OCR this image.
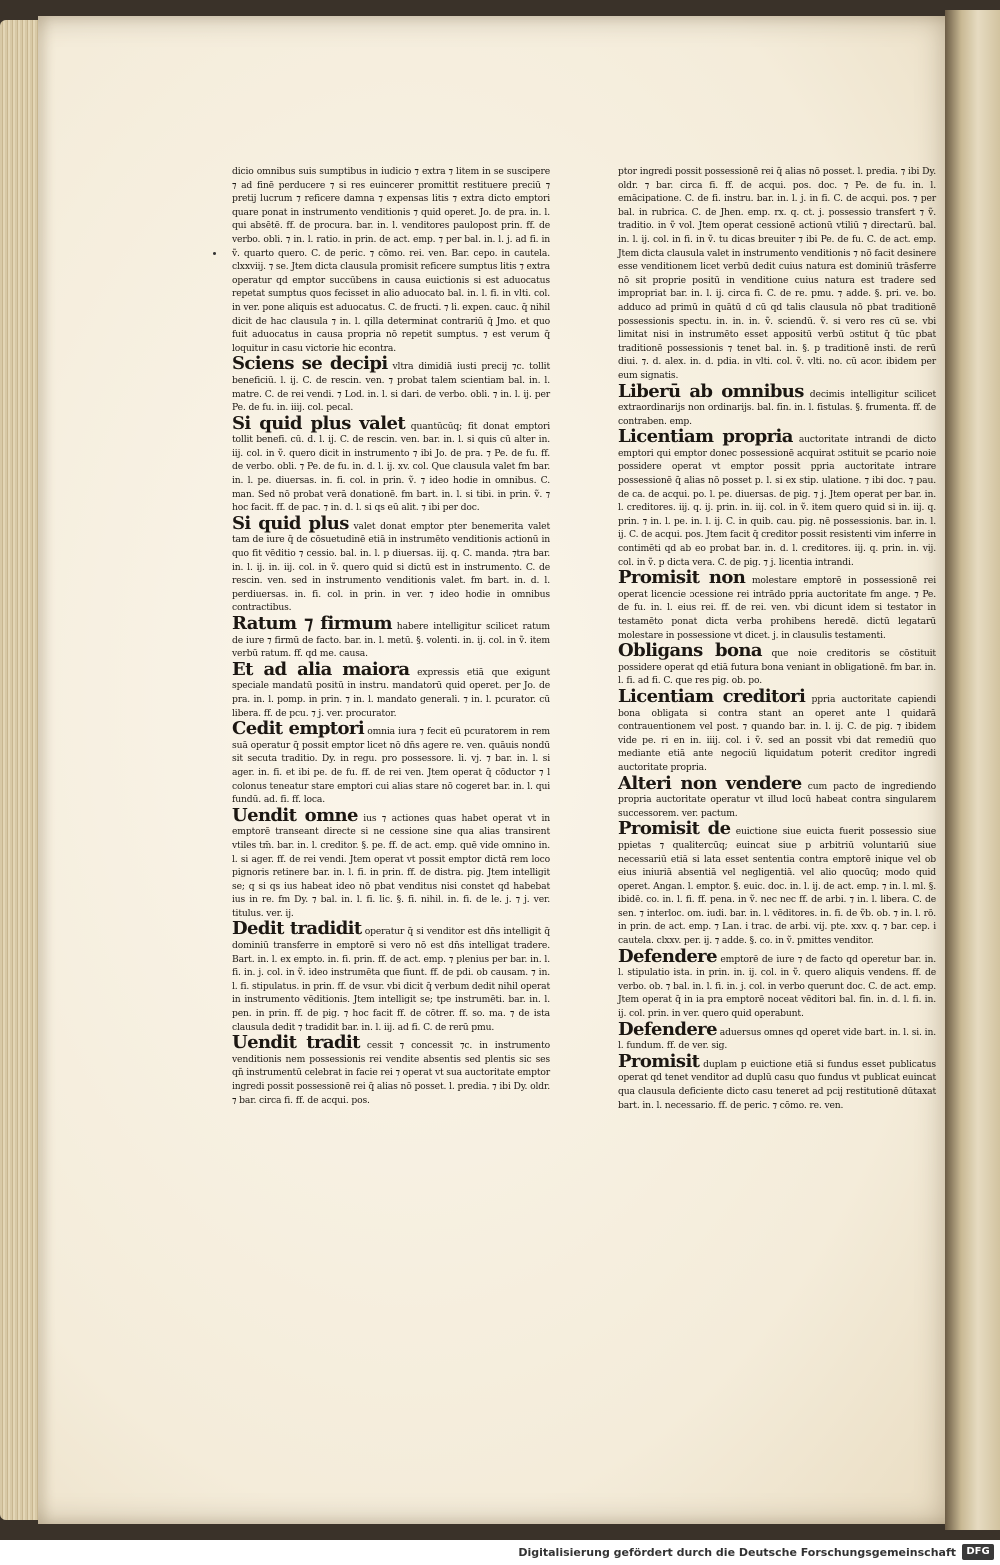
dicio omnibus suis sumptibus in iudicio ⁊ extra ⁊ litem in se suscipere ⁊ ad finē perducere ⁊ si res euincerer promittit restituere preciū ⁊ pretij lucrum ⁊ reficere damna ⁊ expensas litis ⁊ extra dicto emptori quare ponat in instrumento venditionis ⁊ quid operet. Jo. de pra. in. l. qui absētē. ff. de procura. bar. in. l. venditores paulopost prin. ff. de verbo. obli. ⁊ in. l. ratio. in prin. de act. emp. ⁊ per bal. in. l. j. ad fi. in ṽ. quarto quero. C. de peric. ⁊ cōmo. rei. ven. Bar. cepo. in cautela. clxxviij. ⁊ se. Jtem dicta clausula promisit reficere sumptus litis ⁊ extra operatur qd emptor succūbens in causa euictionis si est aduocatus repetat sumptus quos fecisset in alio aduocato bal. in. l. fi. in vlti. col. in ver. pone aliquis est aduocatus. C. de fructi. ⁊ li. expen. cauc. q̄ nihil dicit de hac clausula ⁊ in. l. qilla determinat contrariū q̄ Jmo. et quo fuit aduocatus in causa propria nō repetit sumptus. ⁊ est verum q̄ loquitur in casu victorie hic econtra.

Sciens se decipi vltra dimidiā iusti precij ⁊c. tollit beneficiū. l. ij. C. de rescin. ven. ⁊ probat talem scientiam bal. in. l. matre. C. de rei vendi. ⁊ Lod. in. l. si dari. de verbo. obli. ⁊ in. l. ij. per Pe. de fu. in. iiij. col. pecal.

Si quid plus valet quantūcūq; fit donat emptori tollit benefi. cū. d. l. ij. C. de rescin. ven. bar. in. l. si quis cū alter in. iij. col. in ṽ. quero dicit in instrumento ⁊ ibi Jo. de pra. ⁊ Pe. de fu. ff. de verbo. obli. ⁊ Pe. de fu. in. d. l. ij. xv. col. Que clausula valet fm bar. in. l. pe. diuersas. in. fi. col. in prin. ṽ. ⁊ ideo hodie in omnibus. C. man. Sed nō probat verā donationē. fm bart. in. l. si tibi. in prin. ṽ. ⁊ hoc facit. ff. de pac. ⁊ in. d. l. si qs eū alit. ⁊ ibi per doc.

Si quid plus valet donat emptor pter benemerita valet tam de iure q̄ de cōsuetudinē etiā in instrumēto venditionis actionū in quo fit vēditio ⁊ cessio. bal. in. l. p diuersas. iij. q. C. manda. ⁊tra bar. in. l. ij. in. iij. col. in ṽ. quero quid si dictū est in instrumento. C. de rescin. ven. sed in instrumento venditionis valet. fm bart. in. d. l. perdiuersas. in. fi. col. in prin. in ver. ⁊ ideo hodie in omnibus contractibus.

Ratum ⁊ firmum habere intelligitur scilicet ratum de iure ⁊ firmū de facto. bar. in. l. metū. §. volenti. in. ij. col. in ṽ. item verbū ratum. ff. qd me. causa.

Et ad alia maiora expressis etiā que exigunt speciale mandatū positū in instru. mandatorū quid operet. per Jo. de pra. in. l. pomp. in prin. ⁊ in. l. mandato generali. ⁊ in. l. pcurator. cū libera. ff. de pcu. ⁊ j. ver. procurator.

Cedit emptori omnia iura ⁊ fecit eū pcuratorem in rem suā operatur q̄ possit emptor licet nō dn̄s agere re. ven. quāuis nondū sit secuta traditio. Dy. in regu. pro possessore. li. vj. ⁊ bar. in. l. si ager. in. fi. et ibi pe. de fu. ff. de rei ven. Jtem operat q̄ cōductor ⁊ l colonus teneatur stare emptori cui alias stare nō cogeret bar. in. l. qui fundū. ad. fi. ff. loca.

Uendit omne ius ⁊ actiones quas habet operat vt in emptorē transeant directe si ne cessione sine qua alias transirent vtiles tm̄. bar. in. l. creditor. §. pe. ff. de act. emp. quē vide omnino in. l. si ager. ff. de rei vendi. Jtem operat vt possit emptor dictā rem loco pignoris retinere bar. in. l. fi. in prin. ff. de distra. pig. Jtem intelligit se; q si qs ius habeat ideo nō pbat venditus nisi constet qd habebat ius in re. fm Dy. ⁊ bal. in. l. fi. lic. §. fi. nihil. in. fi. de le. j. ⁊ j. ver. titulus. ver. ij.

Dedit tradidit operatur q̄ si venditor est dn̄s intelligit q̄ dominiū transferre in emptorē si vero nō est dn̄s intelligat tradere. Bart. in. l. ex empto. in. fi. prin. ff. de act. emp. ⁊ plenius per bar. in. l. fi. in. j. col. in ṽ. ideo instrumēta que fiunt. ff. de pdi. ob causam. ⁊ in. l. fi. stipulatus. in prin. ff. de vsur. vbi dicit q̄ verbum dedit nihil operat in instrumento vēditionis. Jtem intelligit se; tpe instrumēti. bar. in. l. pen. in prin. ff. de pig. ⁊ hoc facit ff. de cōtrer. ff. so. ma. ⁊ de ista clausula dedit ⁊ tradidit bar. in. l. iij. ad fi. C. de rerū pmu.

Uendit tradit cessit ⁊ concessit ⁊c. in instrumento venditionis nem possessionis rei vendite absentis sed plentis sic ses qn̄ instrumentū celebrat in facie rei ⁊ operat vt sua auctoritate emptor ingredi possit possessionē rei q̄ alias nō posset. l. predia. ⁊ ibi Dy. oldr. ⁊ bar. circa fi. ff. de acqui. pos.

ptor ingredi possit possessionē rei q̄ alias nō posset. l. predia. ⁊ ibi Dy. oldr. ⁊ bar. circa fi. ff. de acqui. pos. doc. ⁊ Pe. de fu. in. l. emācipatione. C. de fi. instru. bar. in. l. j. in fi. C. de acqui. pos. ⁊ per bal. in rubrica. C. de Jhen. emp. rx. q. ct. j. possessio transfert ⁊ ṽ. traditio. in ṽ vol. Jtem operat cessionē actionū vtiliū ⁊ directarū. bal. in. l. ij. col. in fi. in ṽ. tu dicas breuiter ⁊ ibi Pe. de fu. C. de act. emp. Jtem dicta clausula valet in instrumento venditionis ⁊ nō facit desinere esse venditionem licet verbū dedit cuius natura est dominiū trāsferre nō sit proprie positū in venditione cuius natura est tradere sed impropriat bar. in. l. ij. circa fi. C. de re. pmu. ⁊ adde. §. pri. ve. bo. adduco ad primū in quātū d cū qd talis clausula nō pbat traditionē possessionis spectu. in. in. in. ṽ. sciendū. ṽ. si vero res cū se. vbi limitat nisi in instrumēto esset appositū verbū ɔstitut q̄ tūc pbat traditionē possessionis ⁊ tenet bal. in. §. p traditionē insti. de rerū diui. ⁊. d. alex. in. d. pdia. in vlti. col. ṽ. vlti. no. cū acor. ibidem per eum signatis.

Liberū ab omnibus decimis intelligitur scilicet extraordinarijs non ordinarijs. bal. fin. in. l. fistulas. §. frumenta. ff. de contraben. emp.

Licentiam propria auctoritate intrandi de dicto emptori qui emptor donec possessionē acquirat ɔstituit se pcario noie possidere operat vt emptor possit ppria auctoritate intrare possessionē q̄ alias nō posset p. l. si ex stip. ulatione. ⁊ ibi doc. ⁊ pau. de ca. de acqui. po. l. pe. diuersas. de pig. ⁊ j. Jtem operat per bar. in. l. creditores. iij. q. ij. prin. in. iij. col. in ṽ. item quero quid si in. iij. q. prin. ⁊ in. l. pe. in. l. ij. C. in quib. cau. pig. nē possessionis. bar. in. l. ij. C. de acqui. pos. Jtem facit q̄ creditor possit resistenti vim inferre in contimēti qd ab eo probat bar. in. d. l. creditores. iij. q. prin. in. vij. col. in ṽ. p dicta vera. C. de pig. ⁊ j. licentia intrandi.

Promisit non molestare emptorē in possessionē rei operat licencie ɔcessione rei intrādo ppria auctoritate fm ange. ⁊ Pe. de fu. in. l. eius rei. ff. de rei. ven. vbi dicunt idem si testator in testamēto ponat dicta verba prohibens heredē. dictū legatarū molestare in possessione vt dicet. j. in clausulis testamenti.

Obligans bona que noie creditoris se cōstituit possidere operat qd etiā futura bona veniant in obligationē. fm bar. in. l. fi. ad fi. C. que res pig. ob. po.

Licentiam creditori ppria auctoritate capiendi bona obligata si contra stant an operet ante l quidarā contrauentionem vel post. ⁊ quando bar. in. l. ij. C. de pig. ⁊ ibidem vide pe. ri en in. iiij. col. i ṽ. sed an possit vbi dat remediū quo mediante etiā ante negociū liquidatum poterit creditor ingredi auctoritate propria.

Alteri non vendere cum pacto de ingrediendo propria auctoritate operatur vt illud locū habeat contra singularem successorem. ver. pactum.

Promisit de euictione siue euicta fuerit possessio siue ppietas ⁊ qualitercūq; euincat siue p arbitriū voluntariū siue necessariū etiā si lata esset sententia contra emptorē inique vel ob eius iniuriā absentiā vel negligentiā. vel alio quocūq; modo quid operet. Angan. l. emptor. §. euic. doc. in. l. ij. de act. emp. ⁊ in. l. ml. §. ibidē. co. in. l. fi. ff. pena. in ṽ. nec nec ff. de arbi. ⁊ in. l. libera. C. de sen. ⁊ interloc. om. iudi. bar. in. l. vēditores. in. fi. de ṽb. ob. ⁊ in. l. rō. in prin. de act. emp. ⁊ Lan. i trac. de arbi. vij. pte. xxv. q. ⁊ bar. cep. i cautela. clxxv. per. ij. ⁊ adde. §. co. in ṽ. pmittes venditor.

Defendere emptorē de iure ⁊ de facto qd operetur bar. in. l. stipulatio ista. in prin. in. ij. col. in ṽ. quero aliquis vendens. ff. de verbo. ob. ⁊ bal. in. l. fi. in. j. col. in verbo querunt doc. C. de act. emp. Jtem operat q̄ in ia pra emptorē noceat vēditori bal. fin. in. d. l. fi. in. ij. col. prin. in ver. quero quid operabunt.

Defendere aduersus omnes qd operet vide bart. in. l. si. in. l. fundum. ff. de ver. sig.

Promisit duplam p euictione etiā si fundus esset publicatus operat qd tenet venditor ad duplū casu quo fundus vt publicat euincat qua clausula deficiente dicto casu teneret ad pcij restitutionē dūtaxat bart. in. l. necessario. ff. de peric. ⁊ cōmo. re. ven.

Digitalisierung gefördert durch die Deutsche Forschungsgemeinschaft	DFG
